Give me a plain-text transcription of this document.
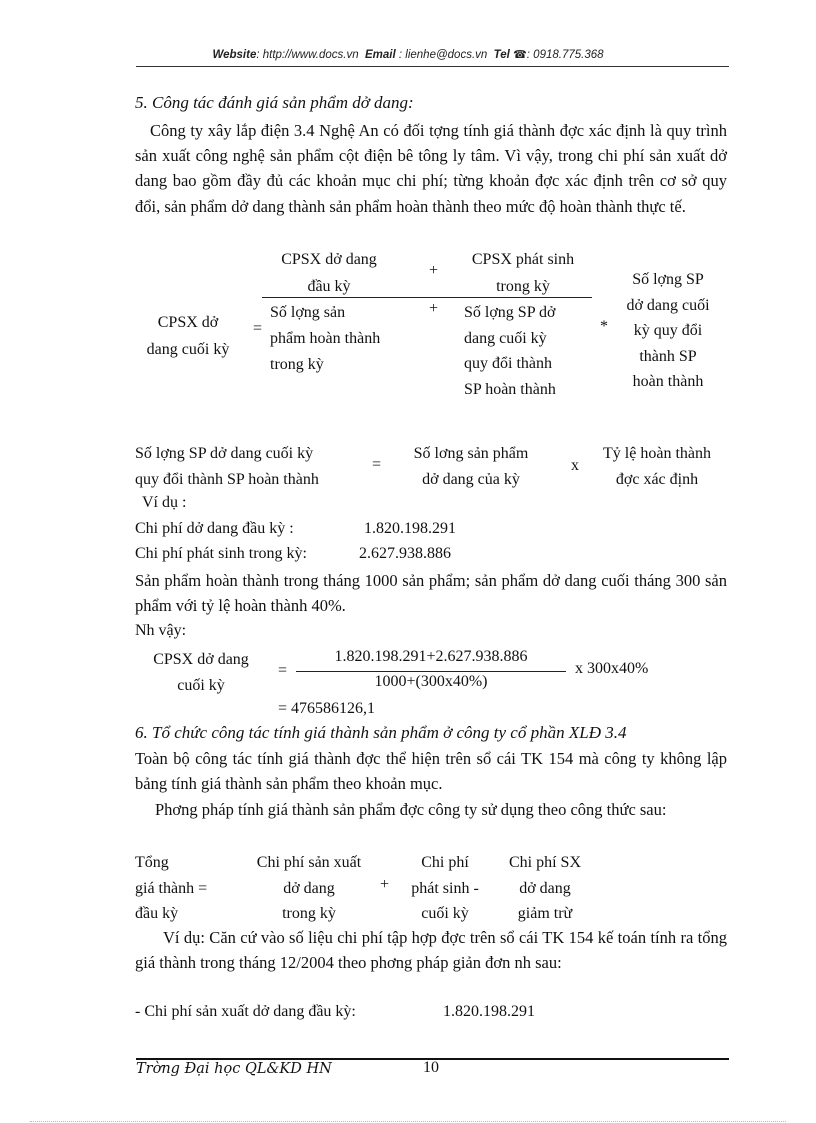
Website: http://www.docs.vn Email : lienhe@docs.vn Tel ☎: 0918.775.368
5. Công tác đánh giá sản phẩm dở dang:
Công ty xây lắp điện 3.4 Nghệ An có đối tợng tính giá thành đợc xác định là quy trình sản xuất công nghệ sản phẩm cột điện bê tông ly tâm. Vì vậy, trong chi phí sản xuất dở dang bao gồm đầy đủ các khoản mục chi phí; từng khoản đợc xác định trên cơ sở quy đổi, sản phẩm dở dang thành sản phẩm hoàn thành theo mức độ hoàn thành thực tế.
CPSX dở
dang cuối kỳ
=
CPSX dở dang
đầu kỳ
+
CPSX phát sinh
trong kỳ
Số lợng sản
phẩm hoàn thành
trong kỳ
+ Số lợng SP dở
dang cuối kỳ
quy đổi thành
SP hoàn thành
*
Số lợng SP
dở dang cuối
kỳ quy đổi
thành SP
hoàn thành
Số lợng SP dở dang cuối kỳ
quy đổi thành SP hoàn thành
=
Số lơng sản phẩm
dở dang của kỳ
x
Tỷ lệ hoàn thành
đợc xác định
Ví dụ :
Chi phí dở dang đầu kỳ :	1.820.198.291
Chi phí phát sinh trong kỳ:	2.627.938.886
Sản phẩm hoàn thành trong tháng 1000 sản phẩm; sản phẩm dở dang cuối tháng 300 sản phẩm với tỷ lệ hoàn thành 40%.
Nh vậy:
CPSX dở dang
cuối kỳ
=
1.820.198.291+2.627.938.886
1000+(300x40%)
x 300x40%
= 476586126,1
6. Tổ chức công tác tính giá thành sản phẩm ở công ty cổ phần XLĐ 3.4
Toàn bộ công tác tính giá thành đợc thể hiện trên sổ cái TK 154 mà công ty không lập bảng tính giá thành sản phẩm theo khoản mục.
Phơng pháp tính giá thành sản phẩm đợc công ty sử dụng theo công thức sau:
Tổng
giá thành =
đầu kỳ
Chi phí sản xuất
dở dang
trong kỳ
+
Chi phí
phát sinh -
cuối kỳ
Chi phí SX
dở dang
giảm trừ
Ví dụ: Căn cứ vào số liệu chi phí tập hợp đợc trên sổ cái TK 154 kế toán tính ra tổng giá thành trong tháng 12/2004 theo phơng pháp giản đơn nh sau:
- Chi phí sản xuất dở dang đầu kỳ:	1.820.198.291
Trờng Đại học QL&KD HN	10
